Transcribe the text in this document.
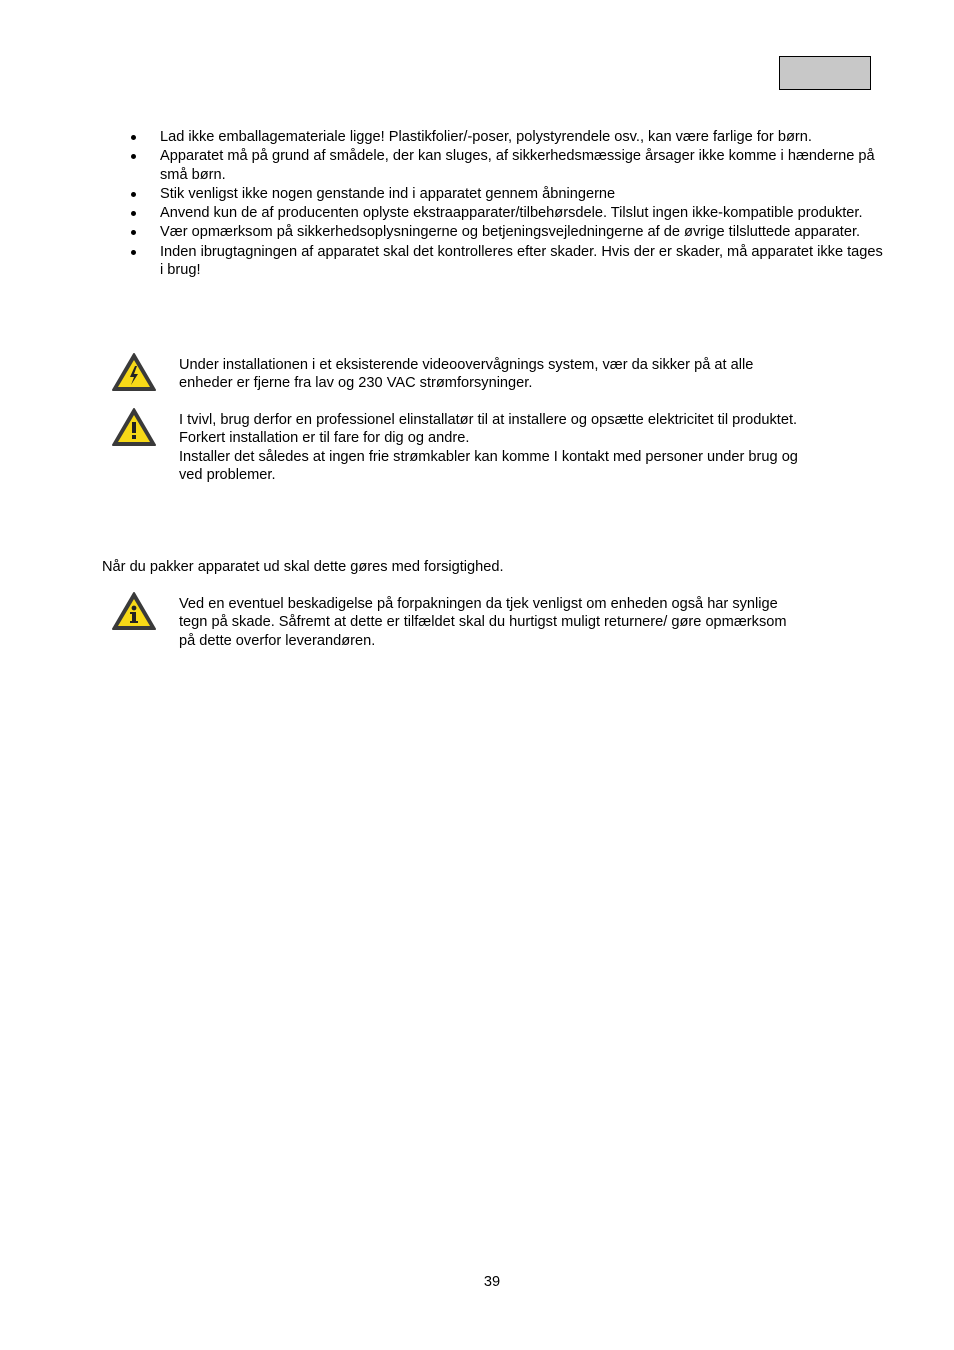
Lad ikke emballagemateriale ligge! Plastikfolier/-poser, polystyrendele osv., kan være farlige for børn.
Apparatet må på grund af smådele, der kan sluges, af sikkerhedsmæssige årsager ikke komme i hænderne på små børn.
Stik venligst ikke nogen genstande ind i apparatet gennem åbningerne
Anvend kun de af producenten oplyste ekstraapparater/tilbehørsdele. Tilslut ingen ikke-kompatible produkter.
Vær opmærksom på sikkerhedsoplysningerne og betjeningsvejledningerne af de øvrige tilsluttede apparater.
Inden ibrugtagningen af apparatet skal det kontrolleres efter skader. Hvis der er skader, må apparatet ikke tages i brug!
Under installationen i et eksisterende videoovervågnings system, vær da sikker på at alle
enheder er fjerne fra lav og 230 VAC strømforsyninger.
I tvivl, brug derfor en professionel elinstallatør til at installere og opsætte elektricitet til produktet.
Forkert installation er til fare for dig og andre.
Installer det således at ingen frie strømkabler kan komme I kontakt med personer under brug og
ved problemer.
Når du pakker apparatet ud skal dette gøres med forsigtighed.
Ved en eventuel beskadigelse på forpakningen da tjek venligst om enheden også har synlige
tegn på skade. Såfremt at dette er tilfældet skal du hurtigst muligt returnere/ gøre opmærksom
på dette overfor leverandøren.
39
